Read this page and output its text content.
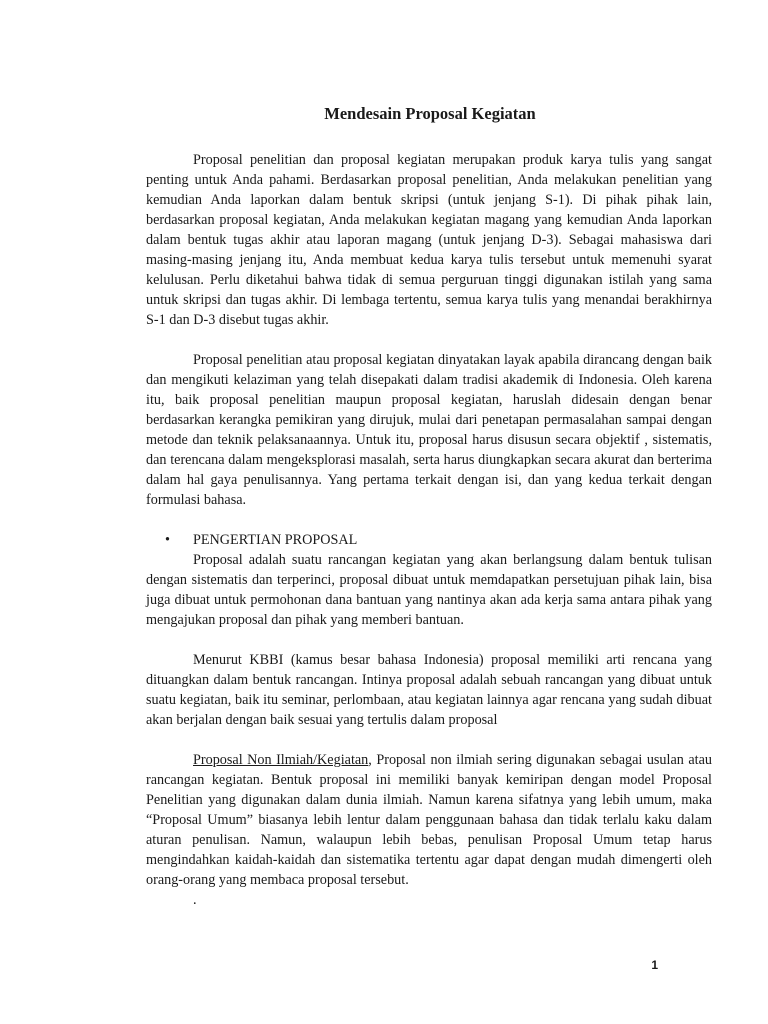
Mendesain Proposal Kegiatan

Proposal penelitian dan proposal kegiatan merupakan produk karya tulis yang sangat penting untuk Anda pahami. Berdasarkan proposal penelitian, Anda melakukan penelitian yang kemudian Anda laporkan dalam bentuk skripsi (untuk jenjang S-1). Di pihak pihak lain, berdasarkan proposal kegiatan, Anda melakukan kegiatan magang yang kemudian Anda laporkan dalam bentuk tugas akhir atau laporan magang (untuk jenjang D-3). Sebagai mahasiswa dari masing-masing jenjang itu, Anda membuat kedua karya tulis tersebut untuk memenuhi syarat kelulusan. Perlu diketahui bahwa tidak di semua perguruan tinggi digunakan istilah yang sama untuk skripsi dan tugas akhir. Di lembaga tertentu, semua karya tulis yang menandai berakhirnya S-1 dan D-3 disebut tugas akhir.

Proposal penelitian atau proposal kegiatan dinyatakan layak apabila dirancang dengan baik dan mengikuti kelaziman yang telah disepakati dalam tradisi akademik di Indonesia. Oleh karena itu, baik proposal penelitian maupun proposal kegiatan, haruslah didesain dengan benar berdasarkan kerangka pemikiran yang dirujuk, mulai dari penetapan permasalahan sampai dengan metode dan teknik pelaksanaannya. Untuk itu, proposal harus disusun secara objektif , sistematis, dan terencana dalam mengeksplorasi masalah, serta harus diungkapkan secara akurat dan berterima dalam hal gaya penulisannya. Yang pertama terkait dengan isi, dan yang kedua terkait dengan formulasi bahasa.

• PENGERTIAN PROPOSAL

Proposal adalah suatu rancangan kegiatan yang akan berlangsung dalam bentuk tulisan dengan sistematis dan terperinci, proposal dibuat untuk memdapatkan persetujuan pihak lain, bisa juga dibuat untuk permohonan dana bantuan yang nantinya akan ada kerja sama antara pihak yang mengajukan proposal dan pihak yang memberi bantuan.

Menurut KBBI (kamus besar bahasa Indonesia) proposal memiliki arti rencana yang dituangkan dalam bentuk rancangan. Intinya proposal adalah sebuah rancangan yang dibuat untuk suatu kegiatan, baik itu seminar, perlombaan, atau kegiatan lainnya agar rencana yang sudah dibuat akan berjalan dengan baik sesuai yang tertulis dalam proposal

Proposal Non Ilmiah/Kegiatan, Proposal non ilmiah sering digunakan sebagai usulan atau rancangan kegiatan. Bentuk proposal ini memiliki banyak kemiripan dengan model Proposal Penelitian yang digunakan dalam dunia ilmiah. Namun karena sifatnya yang lebih umum, maka “Proposal Umum” biasanya lebih lentur dalam penggunaan bahasa dan tidak terlalu kaku dalam aturan penulisan. Namun, walaupun lebih bebas, penulisan Proposal Umum tetap harus mengindahkan kaidah-kaidah dan sistematika tertentu agar dapat dengan mudah dimengerti oleh orang-orang yang membaca proposal tersebut.

.

1
